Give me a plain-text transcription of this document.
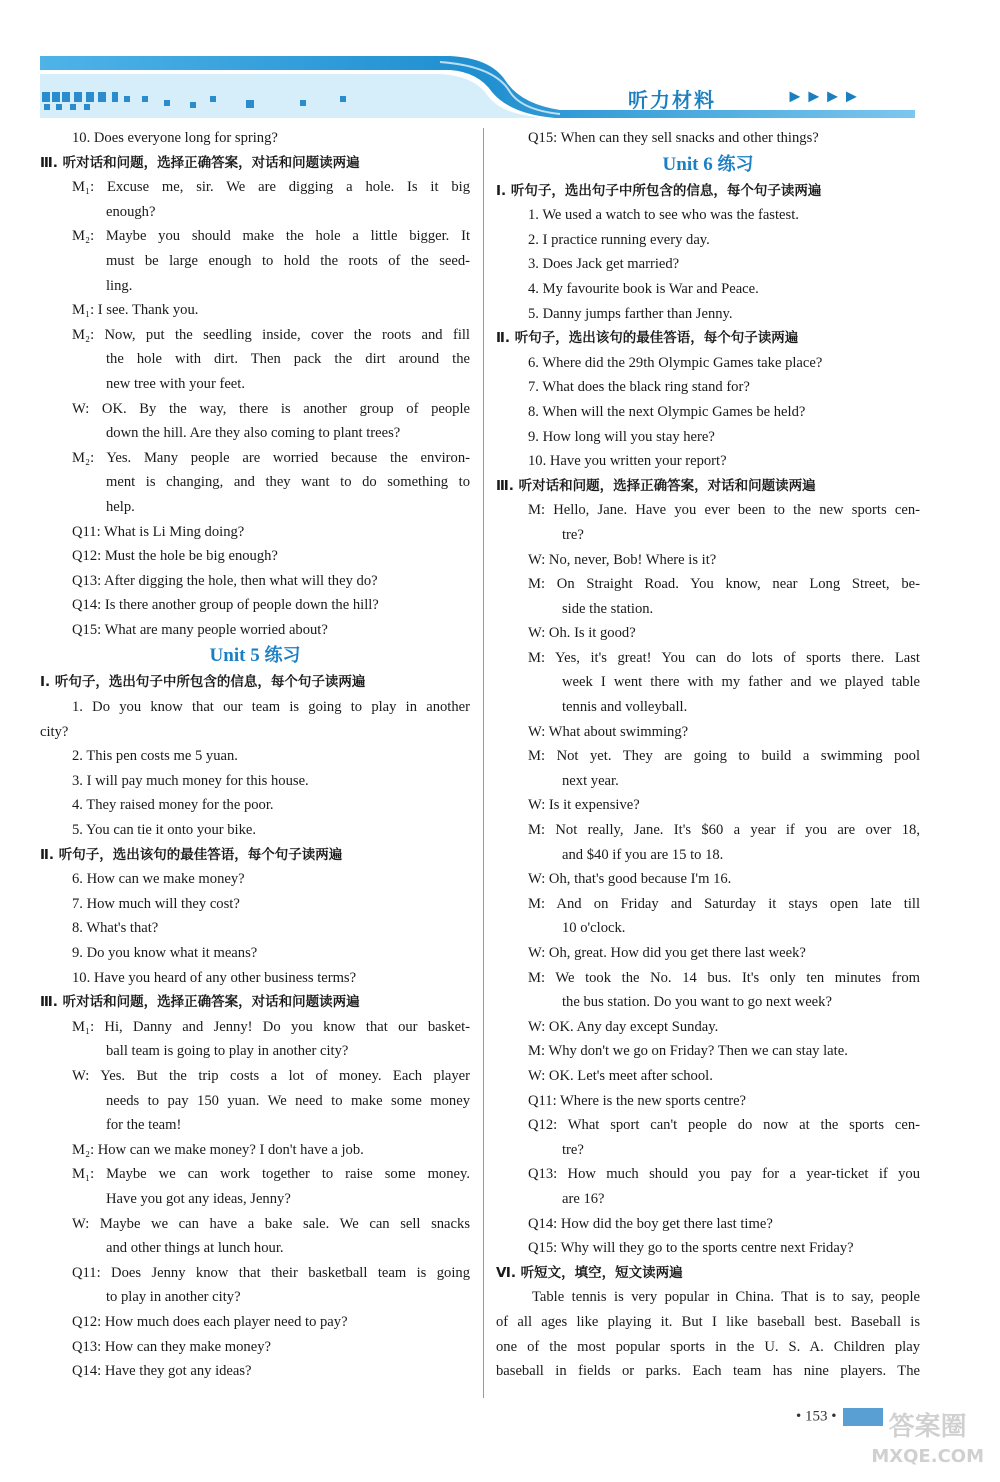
听力材料	►►►►
10. Does everyone long for spring?
Ⅲ. 听对话和问题，选择正确答案，对话和问题读两遍
M₁: Excuse me, sir. We are digging a hole. Is it big
enough?
M₂: Maybe you should make the hole a little bigger. It
must be large enough to hold the roots of the seed-
ling.
M₁: I see. Thank you.
M₂: Now, put the seedling inside, cover the roots and fill
the hole with dirt. Then pack the dirt around the
new tree with your feet.
W: OK. By the way, there is another group of people
down the hill. Are they also coming to plant trees?
M₂: Yes. Many people are worried because the environ-
ment is changing, and they want to do something to
help.
Q11: What is Li Ming doing?
Q12: Must the hole be big enough?
Q13: After digging the hole, then what will they do?
Q14: Is there another group of people down the hill?
Q15: What are many people worried about?
Unit 5 练习
Ⅰ. 听句子，选出句子中所包含的信息，每个句子读两遍
1. Do you know that our team is going to play in another
city?
2. This pen costs me 5 yuan.
3. I will pay much money for this house.
4. They raised money for the poor.
5. You can tie it onto your bike.
Ⅱ. 听句子，选出该句的最佳答语，每个句子读两遍
6. How can we make money?
7. How much will they cost?
8. What's that?
9. Do you know what it means?
10. Have you heard of any other business terms?
Ⅲ. 听对话和问题，选择正确答案，对话和问题读两遍
M₁: Hi, Danny and Jenny! Do you know that our basket-
ball team is going to play in another city?
W: Yes. But the trip costs a lot of money. Each player
needs to pay 150 yuan. We need to make some money
for the team!
M₂: How can we make money? I don't have a job.
M₁: Maybe we can work together to raise some money.
Have you got any ideas, Jenny?
W: Maybe we can have a bake sale. We can sell snacks
and other things at lunch hour.
Q11: Does Jenny know that their basketball team is going
to play in another city?
Q12: How much does each player need to pay?
Q13: How can they make money?
Q14: Have they got any ideas?
Q15: When can they sell snacks and other things?
Unit 6 练习
Ⅰ. 听句子，选出句子中所包含的信息，每个句子读两遍
1. We used a watch to see who was the fastest.
2. I practice running every day.
3. Does Jack get married?
4. My favourite book is War and Peace.
5. Danny jumps farther than Jenny.
Ⅱ. 听句子，选出该句的最佳答语，每个句子读两遍
6. Where did the 29th Olympic Games take place?
7. What does the black ring stand for?
8. When will the next Olympic Games be held?
9. How long will you stay here?
10. Have you written your report?
Ⅲ. 听对话和问题，选择正确答案，对话和问题读两遍
M: Hello, Jane. Have you ever been to the new sports cen-
tre?
W: No, never, Bob! Where is it?
M: On Straight Road. You know, near Long Street, be-
side the station.
W: Oh. Is it good?
M: Yes, it's great! You can do lots of sports there. Last
week I went there with my father and we played table
tennis and volleyball.
W: What about swimming?
M: Not yet. They are going to build a swimming pool
next year.
W: Is it expensive?
M: Not really, Jane. It's $60 a year if you are over 18,
and $40 if you are 15 to 18.
W: Oh, that's good because I'm 16.
M: And on Friday and Saturday it stays open late till
10 o'clock.
W: Oh, great. How did you get there last week?
M: We took the No. 14 bus. It's only ten minutes from
the bus station. Do you want to go next week?
W: OK. Any day except Sunday.
M: Why don't we go on Friday? Then we can stay late.
W: OK. Let's meet after school.
Q11: Where is the new sports centre?
Q12: What sport can't people do now at the sports cen-
tre?
Q13: How much should you pay for a year-ticket if you
are 16?
Q14: How did the boy get there last time?
Q15: Why will they go to the sports centre next Friday?
Ⅵ. 听短文，填空，短文读两遍
Table tennis is very popular in China. That is to say, people
of all ages like playing it. But I like baseball best. Baseball is
one of the most popular sports in the U. S. A. Children play
baseball in fields or parks. Each team has nine players. The
• 153 •	答案圈
MXQE.COM
